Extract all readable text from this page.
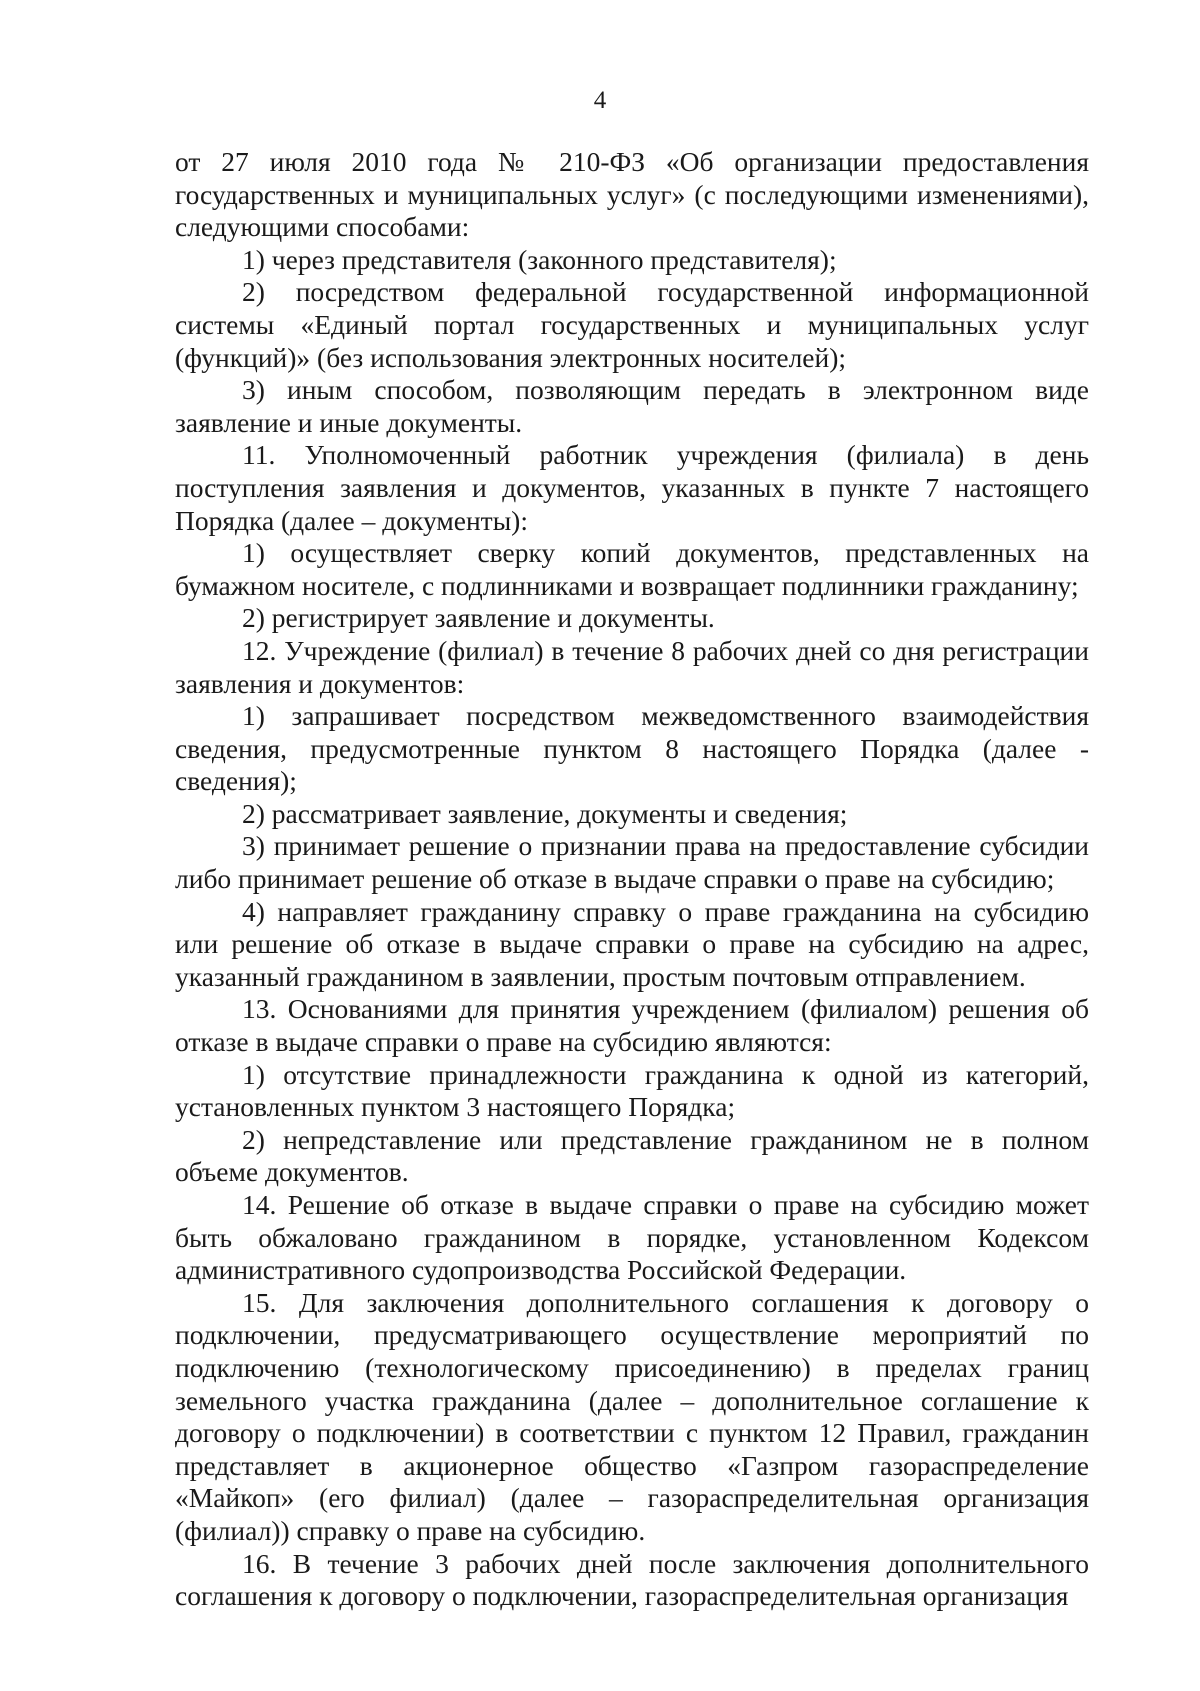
4

от 27 июля 2010 года № 210-ФЗ «Об организации предоставления государственных и муниципальных услуг» (с последующими изменениями), следующими способами:

1) через представителя (законного представителя);

2) посредством федеральной государственной информационной системы «Единый портал государственных и муниципальных услуг (функций)» (без использования электронных носителей);

3) иным способом, позволяющим передать в электронном виде заявление и иные документы.

11. Уполномоченный работник учреждения (филиала) в день поступления заявления и документов, указанных в пункте 7 настоящего Порядка (далее – документы):

1) осуществляет сверку копий документов, представленных на бумажном носителе, с подлинниками и возвращает подлинники гражданину;

2) регистрирует заявление и документы.

12. Учреждение (филиал) в течение 8 рабочих дней со дня регистрации заявления и документов:

1) запрашивает посредством межведомственного взаимодействия сведения, предусмотренные пунктом 8 настоящего Порядка (далее - сведения);

2) рассматривает заявление, документы и сведения;

3) принимает решение о признании права на предоставление субсидии либо принимает решение об отказе в выдаче справки о праве на субсидию;

4) направляет гражданину справку о праве гражданина на субсидию или решение об отказе в выдаче справки о праве на субсидию на адрес, указанный гражданином в заявлении, простым почтовым отправлением.

13. Основаниями для принятия учреждением (филиалом) решения об отказе в выдаче справки о праве на субсидию являются:

1) отсутствие принадлежности гражданина к одной из категорий, установленных пунктом 3 настоящего Порядка;

2) непредставление или представление гражданином не в полном объеме документов.

14. Решение об отказе в выдаче справки о праве на субсидию может быть обжаловано гражданином в порядке, установленном Кодексом административного судопроизводства Российской Федерации.

15. Для заключения дополнительного соглашения к договору о подключении, предусматривающего осуществление мероприятий по подключению (технологическому присоединению) в пределах границ земельного участка гражданина (далее – дополнительное соглашение к договору о подключении) в соответствии с пунктом 12 Правил, гражданин представляет в акционерное общество «Газпром газораспределение «Майкоп» (его филиал) (далее – газораспределительная организация (филиал)) справку о праве на субсидию.

16. В течение 3 рабочих дней после заключения дополнительного соглашения к договору о подключении, газораспределительная организация
